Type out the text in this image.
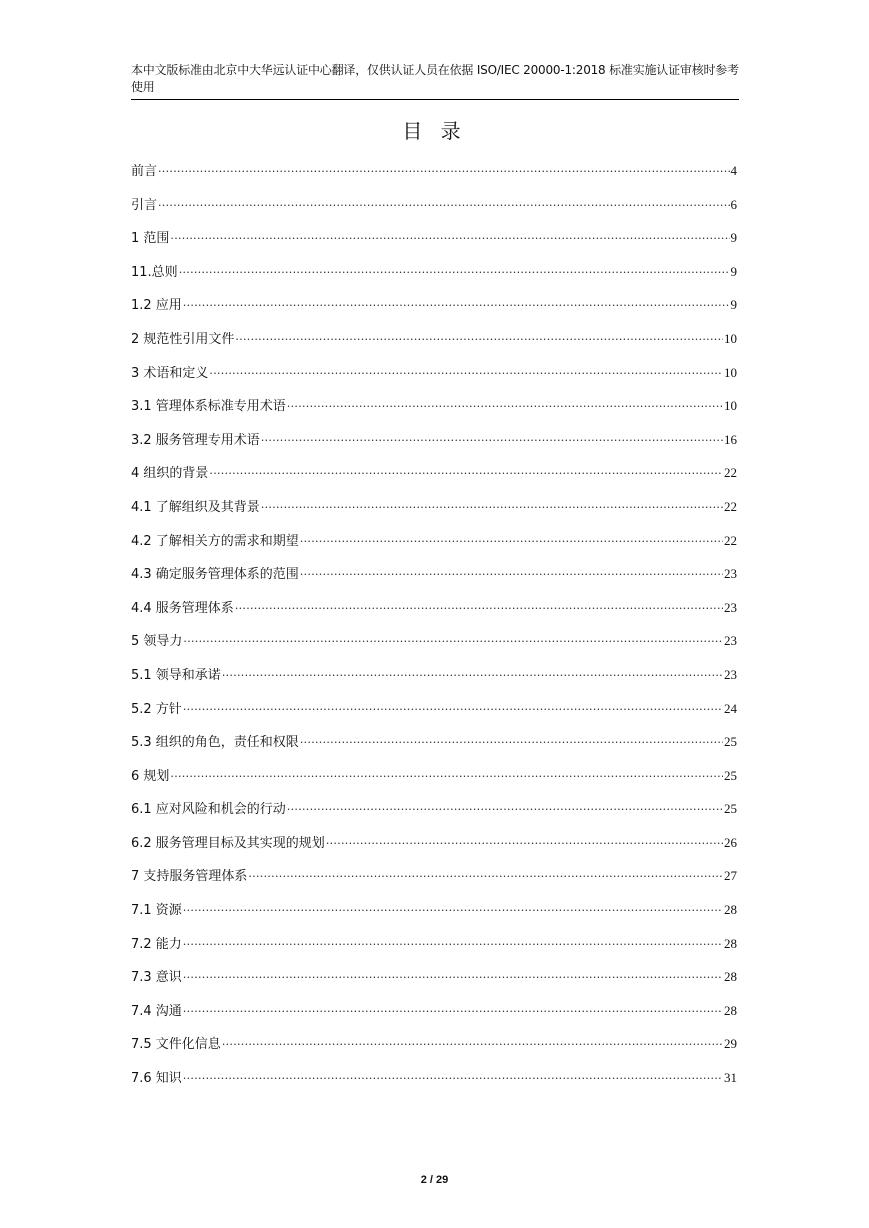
本中文版标准由北京中大华远认证中心翻译，仅供认证人员在依据 ISO/IEC 20000-1:2018 标准实施认证审核时参考使用
目 录
前言 ·····	4
引言 ·····	6
1 范围 ·····	9
11.总则 ·····	9
1.2 应用 ·····	9
2 规范性引用文件 ·····	10
3 术语和定义 ·····	10
3.1 管理体系标准专用术语 ·····	10
3.2 服务管理专用术语 ·····	16
4 组织的背景 ·····	22
4.1 了解组织及其背景 ·····	22
4.2 了解相关方的需求和期望 ·····	22
4.3 确定服务管理体系的范围 ·····	23
4.4 服务管理体系 ·····	23
5 领导力 ·····	23
5.1 领导和承诺 ·····	23
5.2 方针 ·····	24
5.3 组织的角色，责任和权限 ·····	25
6 规划 ·····	25
6.1 应对风险和机会的行动 ·····	25
6.2 服务管理目标及其实现的规划 ·····	26
7 支持服务管理体系 ·····	27
7.1 资源 ·····	28
7.2 能力 ·····	28
7.3 意识 ·····	28
7.4 沟通 ·····	28
7.5 文件化信息 ·····	29
7.6 知识 ·····	31
2 / 29
